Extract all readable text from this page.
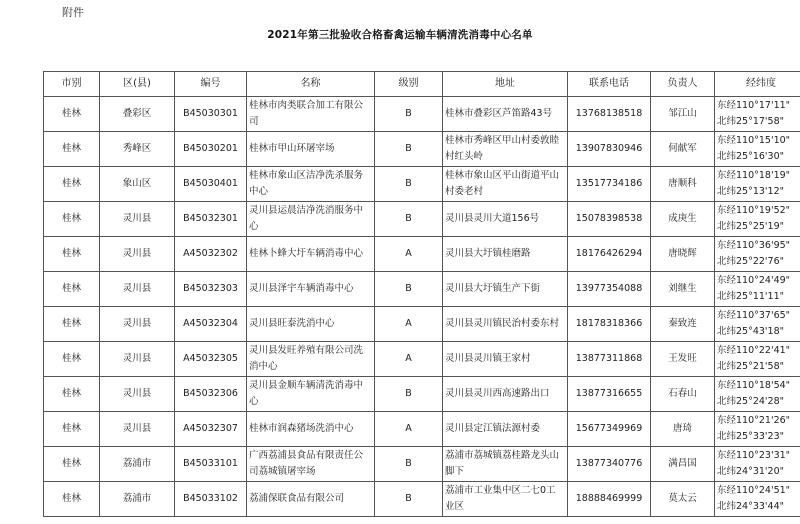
附件
2021年第三批验收合格畜禽运输车辆清洗消毒中心名单
市别	区(县)	编号	名称	级别	地址	联系电话	负责人	经纬度
桂林	叠彩区	B45030301	桂林市肉类联合加工有限公司	B	桂林市叠彩区芦笛路43号	13768138518	邹江山	东经110°17'11"
北纬25°17'58"

桂林	秀峰区	B45030201	桂林市甲山环屠宰场	B	桂林市秀峰区甲山村委敦睦村红头岭	13907830946	何献军	东经110°15'10"
北纬25°16'30"

桂林	象山区	B45030401	桂林市象山区洁净洗杀服务中心	B	桂林市象山区平山街道平山村委老村	13517734186	唐顺科	东经110°18'19"
北纬25°13'12"

桂林	灵川县	B45032301	灵川县运晨洁净洗消服务中心	B	灵川县灵川大道156号	15078398538	成庚生	东经110°19'52"
北纬25°25'19"

桂林	灵川县	A45032302	桂林卜蜂大圩车辆消毒中心	A	灵川县大圩镇桂磨路	18176426294	唐晓辉	东经110°36'95"
北纬25°22'76"

桂林	灵川县	B45032303	灵川县泽宇车辆消毒中心	B	灵川县大圩镇生产下街	13977354088	刘继生	东经110°24'49"
北纬25°11'11"

桂林	灵川县	A45032304	灵川县旺泰洗消中心	A	灵川县灵川镇民治村委东村	18178318366	秦致连	东经110°37'65"
北纬25°43'18"

桂林	灵川县	A45032305	灵川县发旺养殖有限公司洗消中心	A	灵川县灵川镇王家村	13877311868	王发旺	东经110°22'41"
北纬25°21'58"

桂林	灵川县	B45032306	灵川县金顺车辆清洗消毒中心	B	灵川县灵川西高速路出口	13877316655	石春山	东经110°18'54"
北纬25°24'28"

桂林	灵川县	A45032307	桂林市润森猪场洗消中心	A	灵川县定江镇法源村委	15677349969	唐琦	东经110°21'26"
北纬25°33'23"

桂林	荔浦市	B45033101	广西荔浦县食品有限责任公司荔城镇屠宰场	B	荔浦市荔城镇荔桂路龙头山脚下	13877340776	满昌国	东经110°23'31"
北纬24°31'20"

桂林	荔浦市	B45033102	荔浦保联食品有限公司	B	荔浦市工业集中区二七0工业区	18888469999	莫太云	东经110°24'51"
北纬24°33'44"
